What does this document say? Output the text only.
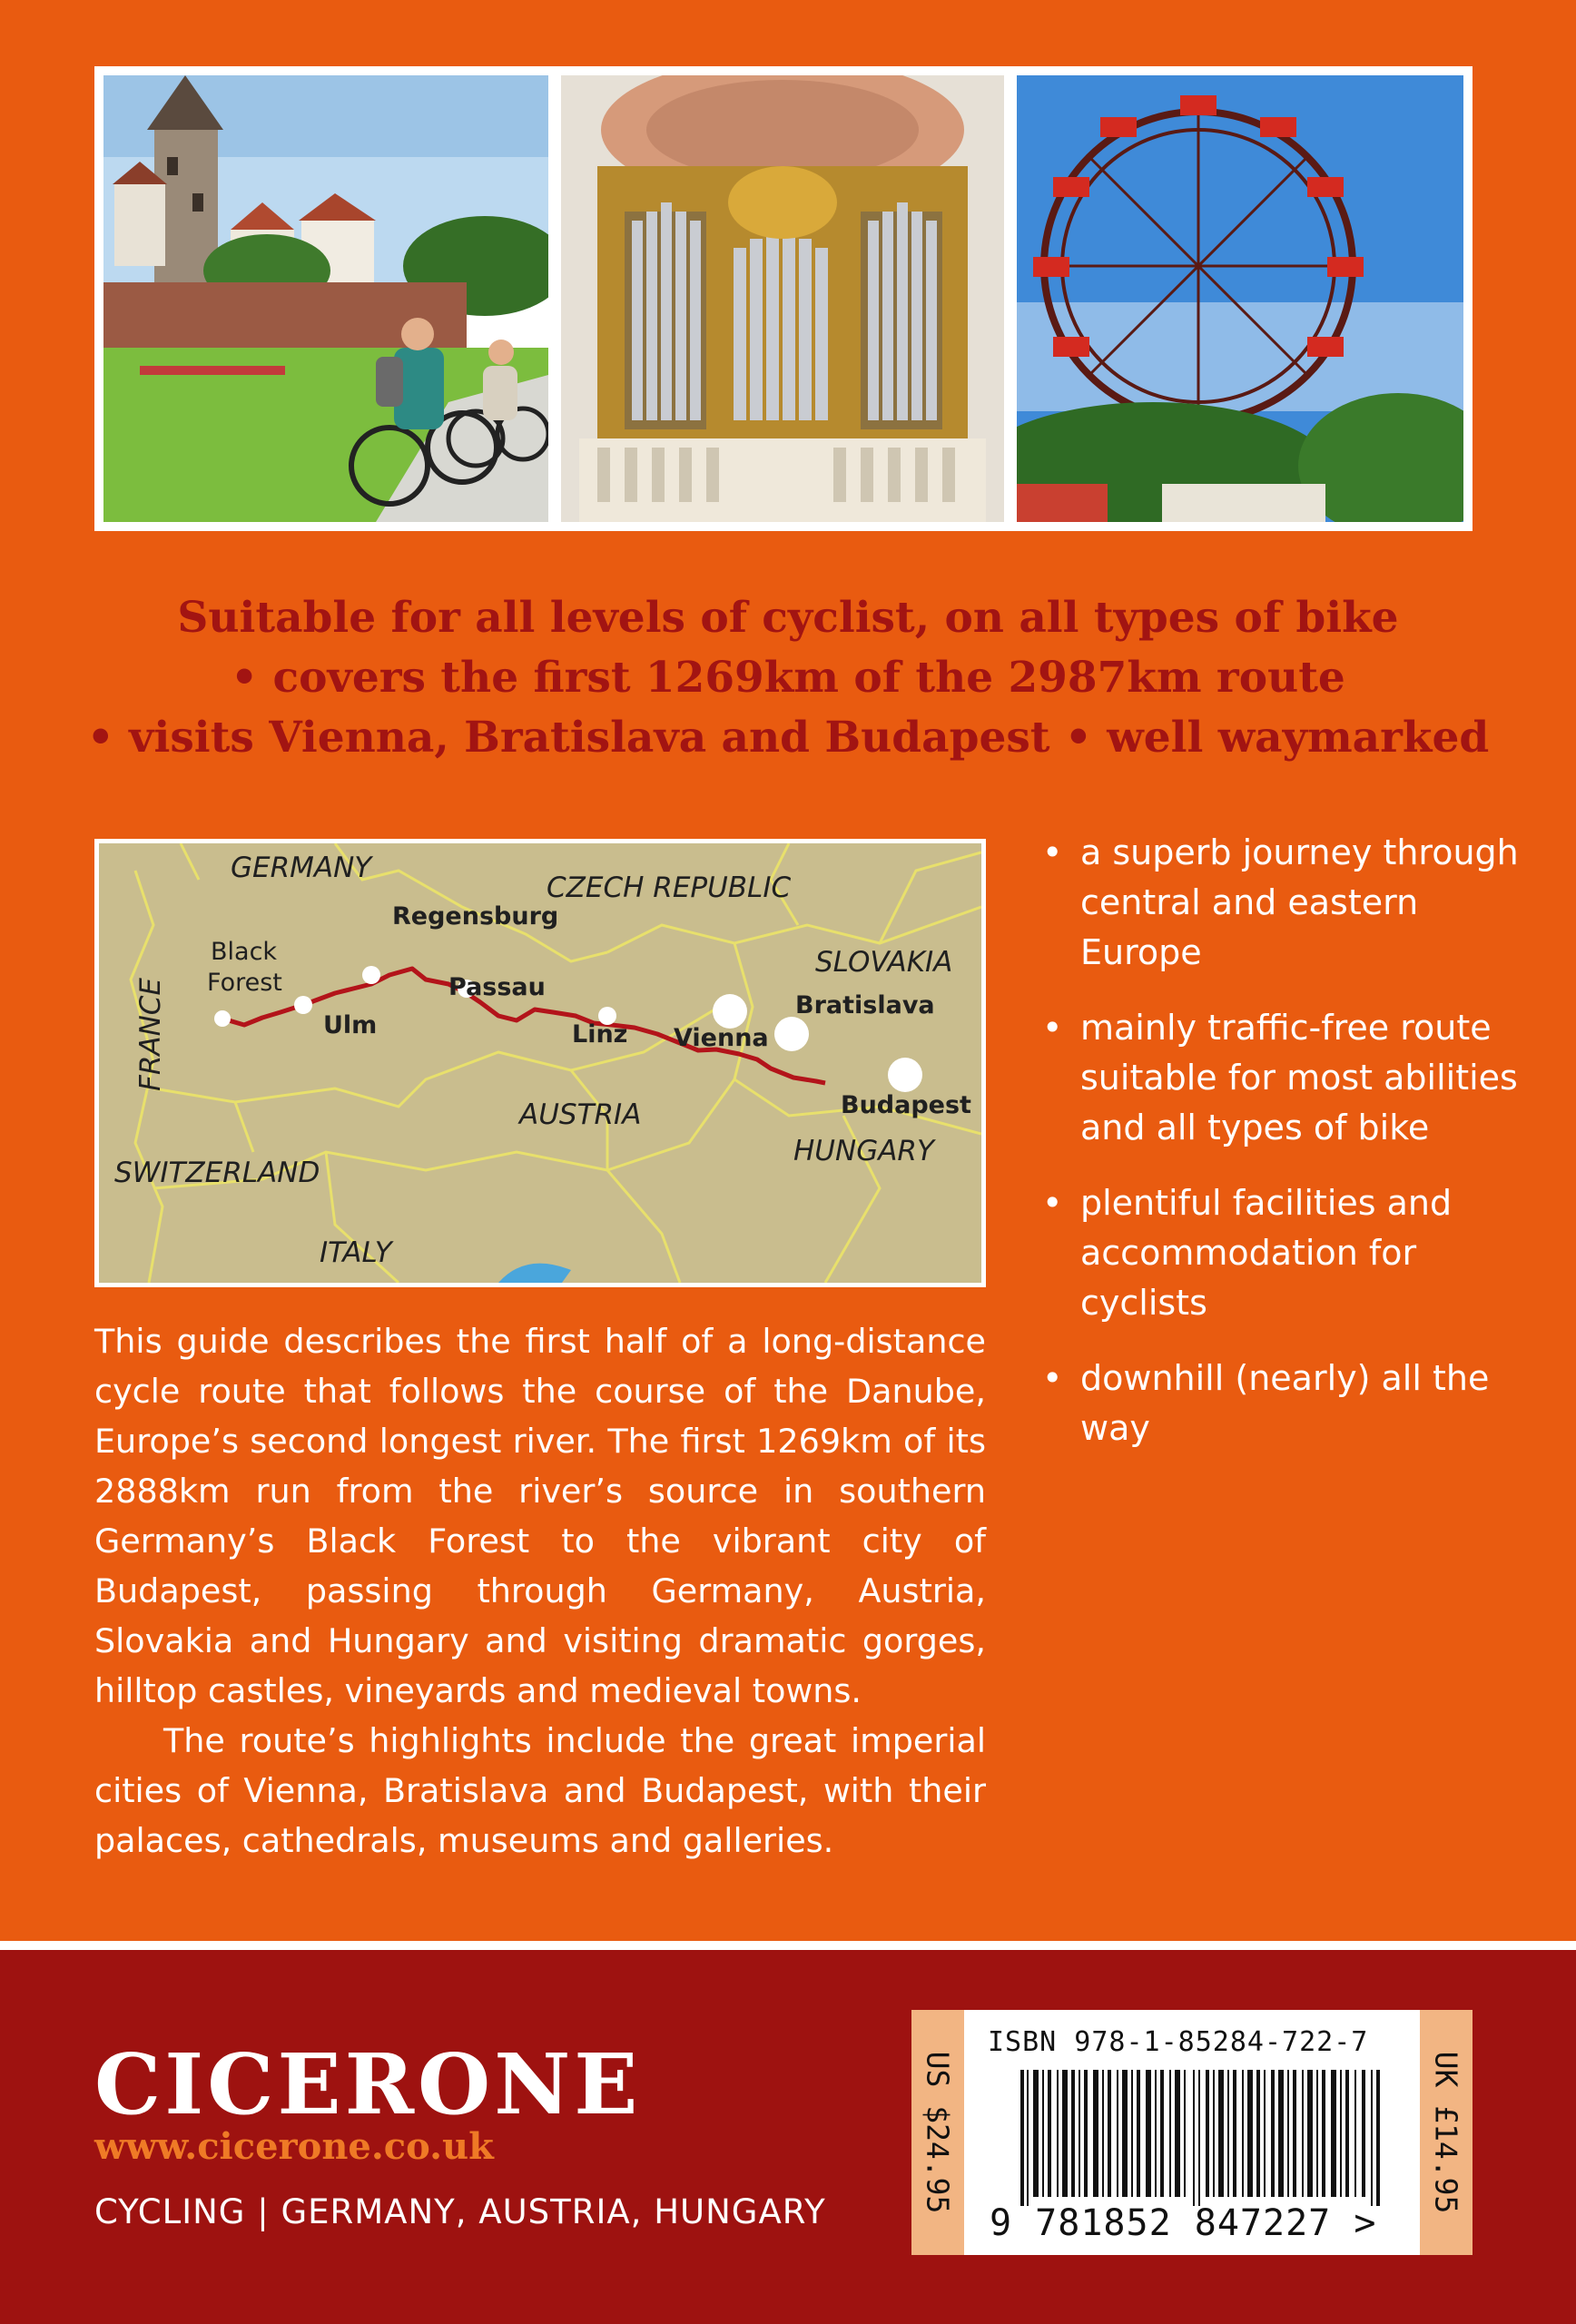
Suitable for all levels of cyclist, on all types of bike
• covers the first 1269km of the 2987km route
• visits Vienna, Bratislava and Budapest • well waymarked
GERMANY
CZECH REPUBLIC
SLOVAKIA
FRANCE
AUSTRIA
HUNGARY
SWITZERLAND
ITALY
Black
Forest
Ulm
Regensburg
Passau
Linz Vienna
Bratislava
Budapest
• a superb journey through central and eastern Europe
• mainly traffic-free route suitable for most abilities and all types of bike
• plentiful facilities and accommodation for cyclists
• downhill (nearly) all the way

This guide describes the first half of a long-distance cycle route that follows the course of the Danube, Europe’s second longest river. The first 1269km of its 2888km run from the river’s source in southern Germany’s Black Forest to the vibrant city of Budapest, passing through Germany, Austria, Slovakia and Hungary and visiting dramatic gorges, hilltop castles, vineyards and medieval towns.

The route’s highlights include the great imperial cities of Vienna, Bratislava and Budapest, with their palaces, cathedrals, museums and galleries.

CICERONE
www.cicerone.co.uk
CYCLING | GERMANY, AUSTRIA, HUNGARY	US $24.95	UK £14.95
ISBN 978-1-85284-722-7
9 781852 847227 >
